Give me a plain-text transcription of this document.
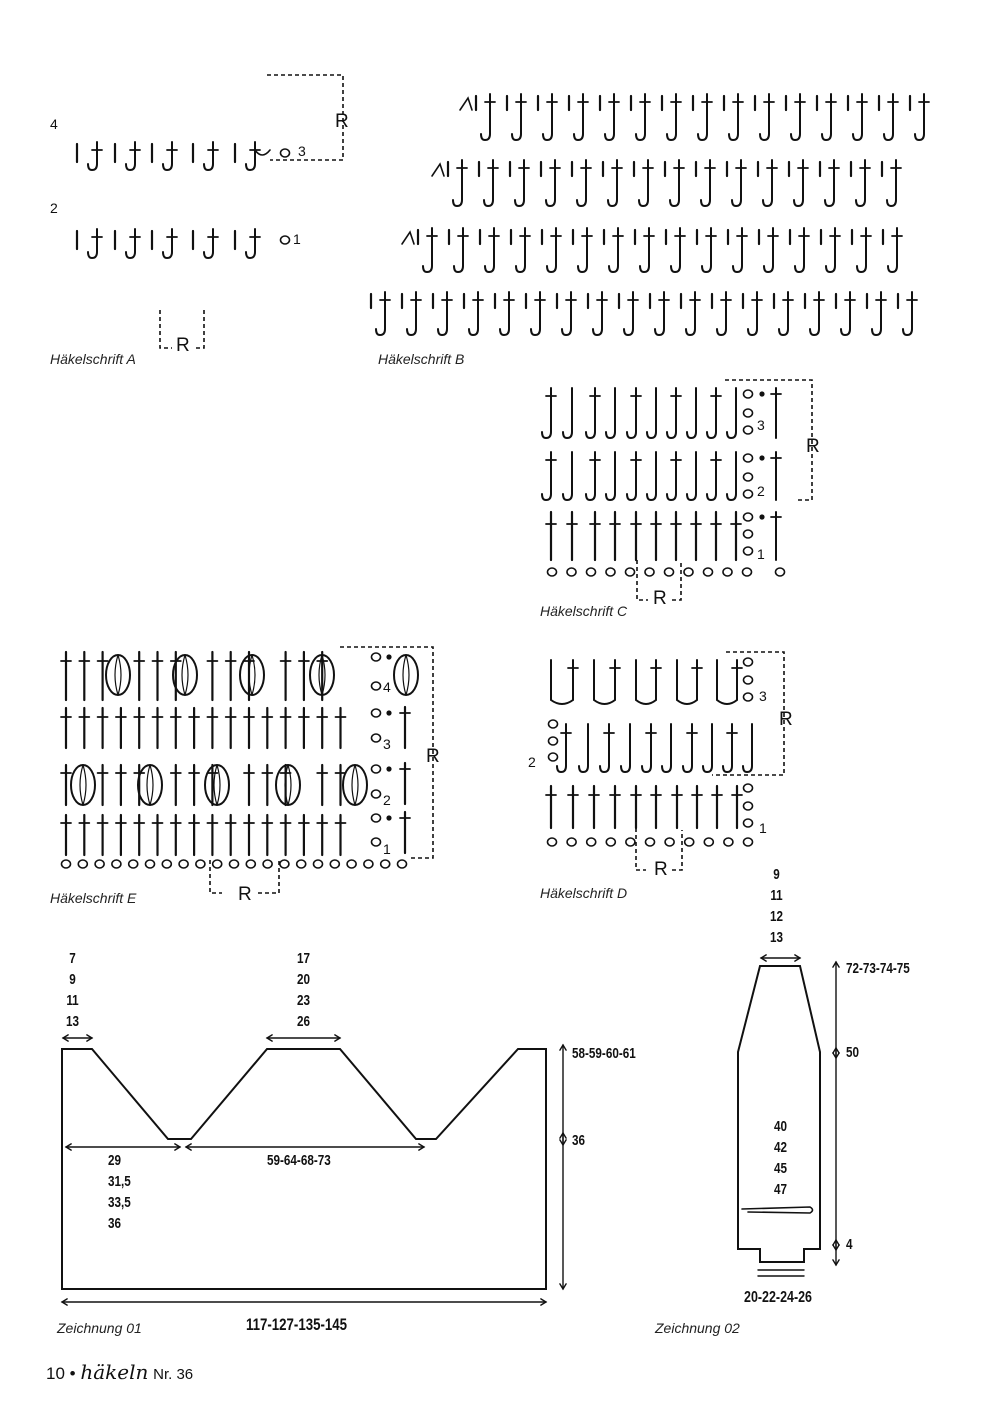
4
2
3
1
R
R
Häkelschrift A	Häkelschrift B
3
2
1
R
R
Häkelschrift C
4
3
2
1
R
R
Häkelschrift E
2
3
1
R
R
Häkelschrift D
7
9
11
13
17
20
23
26
58-59-60-61
36
29
31,5
33,5
36
59-64-68-73
117-127-135-145
Zeichnung 01
9
11
12
13
72-73-74-75
50
4
40
42
45
47
20-22-24-26
Zeichnung 02
10 • häkeln Nr. 36
